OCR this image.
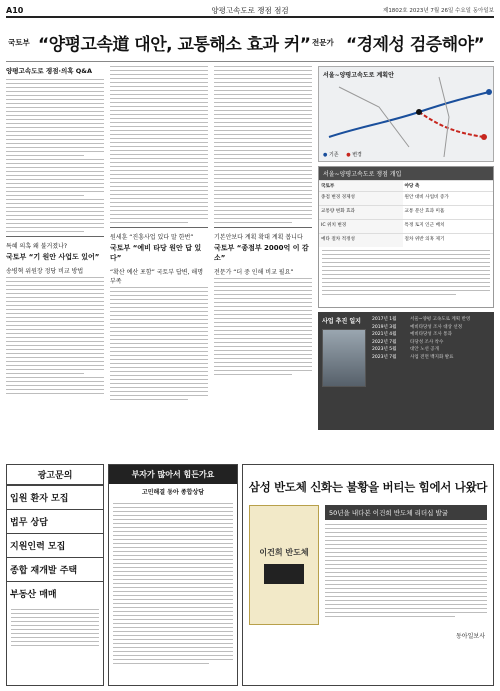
A10	양평고속도로 쟁점 점검	제1802호 2023년 7월 26일 수요일 동아일보
국토부 “양평고속道 대안, 교통해소 효과 커” 전문가 “경제성 검증해야”
양평고속도로 쟁점·의혹 Q&A
특혜 의혹 왜 불거졌나?
국토부 “기 원안 사업도 있어”
송병혁 위원장 정당 비교 방법
원세훈 “진흥사업 있다 말 한번”
국토부 “예비 타당 원안 답 있다”
“확산 예산 포함” 국토부 답변, 해명 부족
기본안보다 계획 확대 계획 봅니다
국토부 “종점부 2000억 이 감소”
전문가 “더 중 인해 비교 필요”
서울~양평고속도로 계획안
● 기존 ● 변경
서울~양평고속도로 쟁점 개입
국토부	야당 측
종점 변경 경제성	원안 대비 사업비 증가
교통량 변화 효과	교통 분산 효과 미흡
IC 위치 변경	특정 토지 인근 배치
예타 절차 적정성	절차 위반 의혹 제기
사업 추진 일지	2017년 1월	서울~양평 고속도로 계획 반영
2019년 3월	예비타당성 조사 대상 선정
2021년 4월	예비타당성 조사 통과
2022년 7월	타당성 조사 착수
2023년 5월	대안 노선 공개
2023년 7월	사업 전면 백지화 발표
광고문의
입원 환자 모집
법무 상담
지원인력 모집
종합 재개발 주택
부동산 매매
부자가 많아서 힘든가요
고민해결 동아 종합상담	삼성 반도체 신화는 불황을 버티는 힘에서 나왔다
이건희 반도체
50년을 내다본 이건희 반도체 리더십 발굴
동아일보사
